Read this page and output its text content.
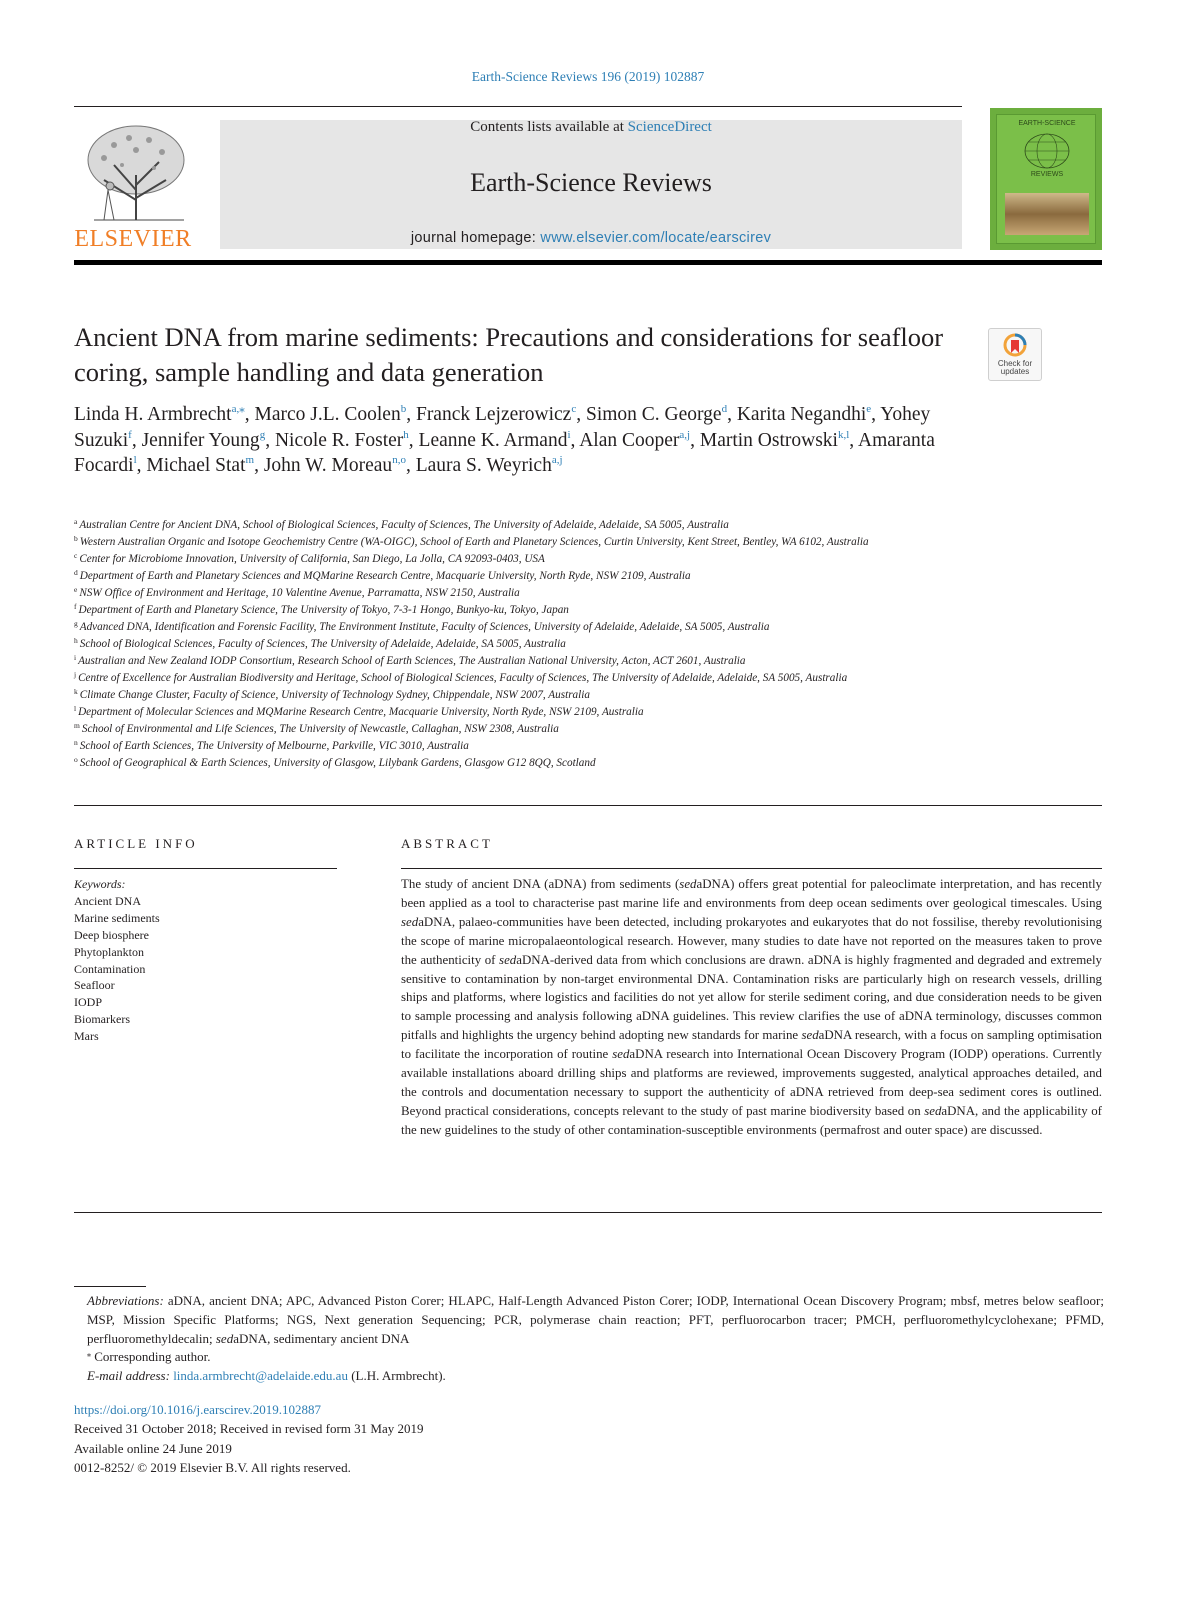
Earth-Science Reviews 196 (2019) 102887
ELSEVIER
Contents lists available at ScienceDirect
Earth-Science Reviews
journal homepage: www.elsevier.com/locate/earscirev
EARTH-SCIENCE
REVIEWS
Ancient DNA from marine sediments: Precautions and considerations for seafloor coring, sample handling and data generation	Check for
updates
Linda H. Armbrecht$^{a,⁎}$, Marco J.L. Coolen$^b$, Franck Lejzerowicz$^c$, Simon C. George$^d$, Karita Negandhi$^e$, Yohey Suzuki$^f$, Jennifer Young$^g$, Nicole R. Foster$^h$, Leanne K. Armand$^i$, Alan Cooper$^{a,j}$, Martin Ostrowski$^{k,l}$, Amaranta Focardi$^l$, Michael Stat$^m$, John W. Moreau$^{n,o}$, Laura S. Weyrich$^{a,j}$
$^a$ Australian Centre for Ancient DNA, School of Biological Sciences, Faculty of Sciences, The University of Adelaide, Adelaide, SA 5005, Australia
$^b$ Western Australian Organic and Isotope Geochemistry Centre (WA-OIGC), School of Earth and Planetary Sciences, Curtin University, Kent Street, Bentley, WA 6102, Australia
$^c$ Center for Microbiome Innovation, University of California, San Diego, La Jolla, CA 92093-0403, USA
$^d$ Department of Earth and Planetary Sciences and MQMarine Research Centre, Macquarie University, North Ryde, NSW 2109, Australia
$^e$ NSW Office of Environment and Heritage, 10 Valentine Avenue, Parramatta, NSW 2150, Australia
$^f$ Department of Earth and Planetary Science, The University of Tokyo, 7-3-1 Hongo, Bunkyo-ku, Tokyo, Japan
$^g$ Advanced DNA, Identification and Forensic Facility, The Environment Institute, Faculty of Sciences, University of Adelaide, Adelaide, SA 5005, Australia
$^h$ School of Biological Sciences, Faculty of Sciences, The University of Adelaide, Adelaide, SA 5005, Australia
$^i$ Australian and New Zealand IODP Consortium, Research School of Earth Sciences, The Australian National University, Acton, ACT 2601, Australia
$^j$ Centre of Excellence for Australian Biodiversity and Heritage, School of Biological Sciences, Faculty of Sciences, The University of Adelaide, Adelaide, SA 5005, Australia
$^k$ Climate Change Cluster, Faculty of Science, University of Technology Sydney, Chippendale, NSW 2007, Australia
$^l$ Department of Molecular Sciences and MQMarine Research Centre, Macquarie University, North Ryde, NSW 2109, Australia
$^m$ School of Environmental and Life Sciences, The University of Newcastle, Callaghan, NSW 2308, Australia
$^n$ School of Earth Sciences, The University of Melbourne, Parkville, VIC 3010, Australia
$^o$ School of Geographical & Earth Sciences, University of Glasgow, Lilybank Gardens, Glasgow G12 8QQ, Scotland
ARTICLE INFO
Keywords:
Ancient DNA
Marine sediments
Deep biosphere
Phytoplankton
Contamination
Seafloor
IODP
Biomarkers
Mars
ABSTRACT
The study of ancient DNA (aDNA) from sediments (sedaDNA) offers great potential for paleoclimate interpretation, and has recently been applied as a tool to characterise past marine life and environments from deep ocean sediments over geological timescales. Using sedaDNA, palaeo-communities have been detected, including prokaryotes and eukaryotes that do not fossilise, thereby revolutionising the scope of marine micropalaeontological research. However, many studies to date have not reported on the measures taken to prove the authenticity of sedaDNA-derived data from which conclusions are drawn. aDNA is highly fragmented and degraded and extremely sensitive to contamination by non-target environmental DNA. Contamination risks are particularly high on research vessels, drilling ships and platforms, where logistics and facilities do not yet allow for sterile sediment coring, and due consideration needs to be given to sample processing and analysis following aDNA guidelines. This review clarifies the use of aDNA terminology, discusses common pitfalls and highlights the urgency behind adopting new standards for marine sedaDNA research, with a focus on sampling optimisation to facilitate the incorporation of routine sedaDNA research into International Ocean Discovery Program (IODP) operations. Currently available installations aboard drilling ships and platforms are reviewed, improvements suggested, analytical approaches detailed, and the controls and documentation necessary to support the authenticity of aDNA retrieved from deep-sea sediment cores is outlined. Beyond practical considerations, concepts relevant to the study of past marine biodiversity based on sedaDNA, and the applicability of the new guidelines to the study of other contamination-susceptible environments (permafrost and outer space) are discussed.
Abbreviations: aDNA, ancient DNA; APC, Advanced Piston Corer; HLAPC, Half-Length Advanced Piston Corer; IODP, International Ocean Discovery Program; mbsf, metres below seafloor; MSP, Mission Specific Platforms; NGS, Next generation Sequencing; PCR, polymerase chain reaction; PFT, perfluorocarbon tracer; PMCH, perfluoromethylcyclohexane; PFMD, perfluoromethyldecalin; sedaDNA, sedimentary ancient DNA
⁎ Corresponding author.
E-mail address: linda.armbrecht@adelaide.edu.au (L.H. Armbrecht).
https://doi.org/10.1016/j.earscirev.2019.102887
Received 31 October 2018; Received in revised form 31 May 2019
Available online 24 June 2019
0012-8252/ © 2019 Elsevier B.V. All rights reserved.
